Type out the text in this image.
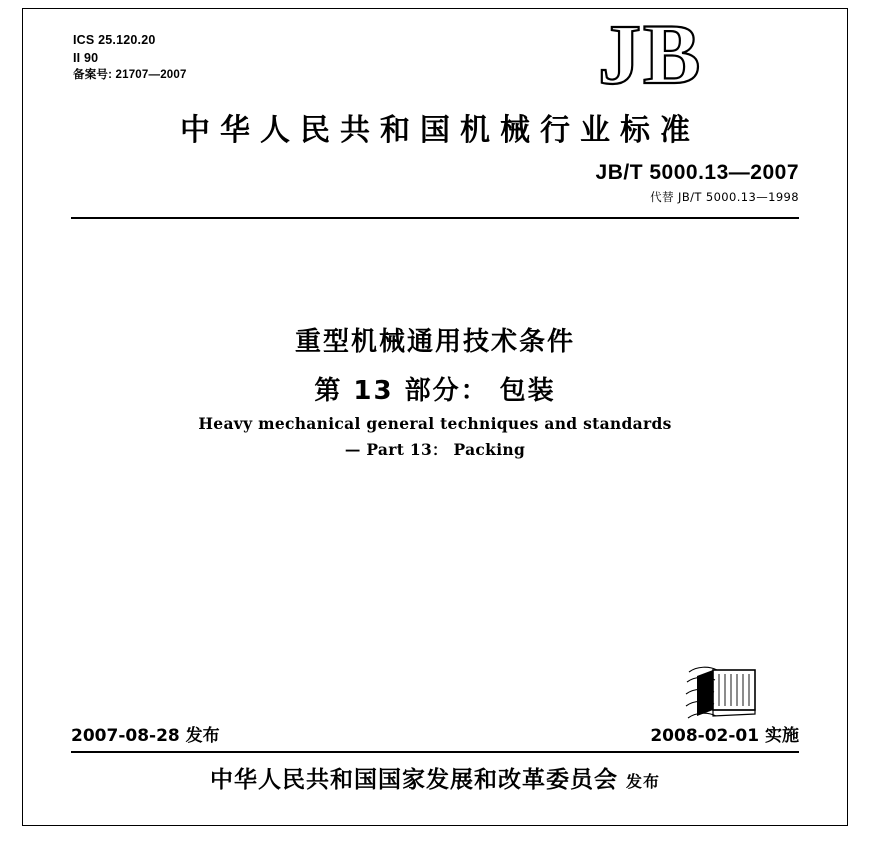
ICS 25.120.20
II 90
备案号: 21707—2007	JB
中华人民共和国机械行业标准
JB/T 5000.13—2007
代替 JB/T 5000.13—1998
重型机械通用技术条件
第 13 部分： 包装
Heavy mechanical general techniques and standards
— Part 13： Packing
2007-08-28 发布	2008-02-01 实施
中华人民共和国国家发展和改革委员会 发布
